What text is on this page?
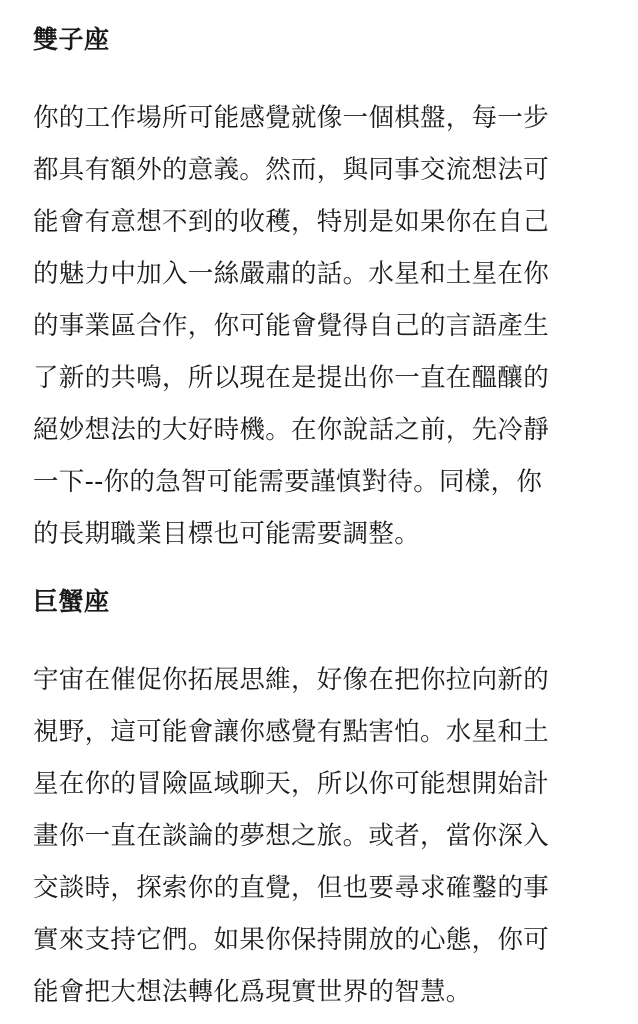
雙子座
你的工作場所可能感覺就像一個棋盤，每一步
都具有額外的意義。然而，與同事交流想法可
能會有意想不到的收穫，特別是如果你在自己
的魅力中加入一絲嚴肅的話。水星和土星在你
的事業區合作，你可能會覺得自己的言語產生
了新的共鳴，所以現在是提出你一直在醞釀的
絕妙想法的大好時機。在你說話之前，先冷靜
一下--你的急智可能需要謹慎對待。同樣，你
的長期職業目標也可能需要調整。
巨蟹座
宇宙在催促你拓展思維，好像在把你拉向新的
視野，這可能會讓你感覺有點害怕。水星和土
星在你的冒險區域聊天，所以你可能想開始計
畫你一直在談論的夢想之旅。或者，當你深入
交談時，探索你的直覺，但也要尋求確鑿的事
實來支持它們。如果你保持開放的心態，你可
能會把大想法轉化爲現實世界的智慧。
